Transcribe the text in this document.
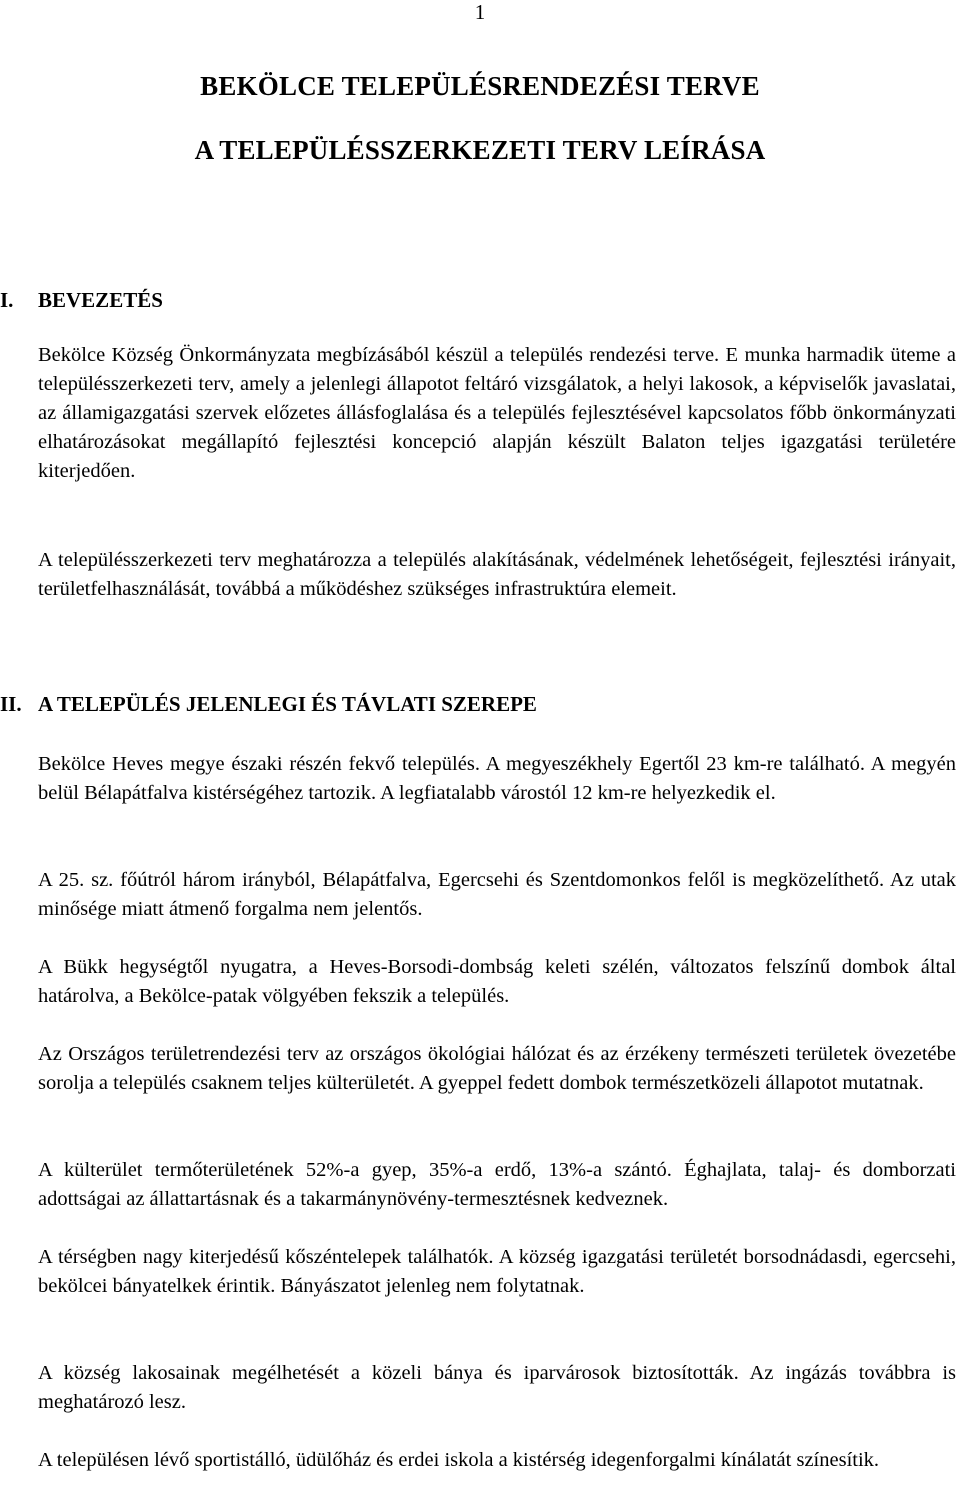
1
BEKÖLCE TELEPÜLÉSRENDEZÉSI TERVE
A TELEPÜLÉSSZERKEZETI TERV LEÍRÁSA
I. BEVEZETÉS

Bekölce Község Önkormányzata megbízásából készül a település rendezési terve. E munka harmadik üteme a településszerkezeti terv, amely a jelenlegi állapotot feltáró vizsgálatok, a helyi lakosok, a képviselők javaslatai, az államigazgatási szervek előzetes állásfoglalása és a település fejlesztésével kapcsolatos főbb önkormányzati elhatározásokat megállapító fejlesztési koncepció alapján készült Balaton teljes igazgatási területére kiterjedően.

A településszerkezeti terv meghatározza a település alakításának, védelmének lehetőségeit, fejlesztési irányait, területfelhasználását, továbbá a működéshez szükséges infrastruktúra elemeit.

II. A TELEPÜLÉS JELENLEGI ÉS TÁVLATI SZEREPE

Bekölce Heves megye északi részén fekvő település. A megyeszékhely Egertől 23 km-re található. A megyén belül Bélapátfalva kistérségéhez tartozik. A legfiatalabb várostól 12 km-re helyezkedik el.

A 25. sz. főútról három irányból, Bélapátfalva, Egercsehi és Szentdomonkos felől is megközelíthető. Az utak minősége miatt átmenő forgalma nem jelentős.

A Bükk hegységtől nyugatra, a Heves-Borsodi-dombság keleti szélén, változatos felszínű dombok által határolva, a Bekölce-patak völgyében fekszik a település.

Az Országos területrendezési terv az országos ökológiai hálózat és az érzékeny természeti területek övezetébe sorolja a település csaknem teljes külterületét. A gyeppel fedett dombok természetközeli állapotot mutatnak.

A külterület termőterületének 52%-a gyep, 35%-a erdő, 13%-a szántó. Éghajlata, talaj- és domborzati adottságai az állattartásnak és a takarmánynövény-termesztésnek kedveznek.

A térségben nagy kiterjedésű kőszéntelepek találhatók. A község igazgatási területét borsodnádasdi, egercsehi, bekölcei bányatelkek érintik. Bányászatot jelenleg nem folytatnak.

A község lakosainak megélhetését a közeli bánya és iparvárosok biztosították. Az ingázás továbbra is meghatározó lesz.

A településen lévő sportistálló, üdülőház és erdei iskola a kistérség idegenforgalmi kínálatát színesítik.
